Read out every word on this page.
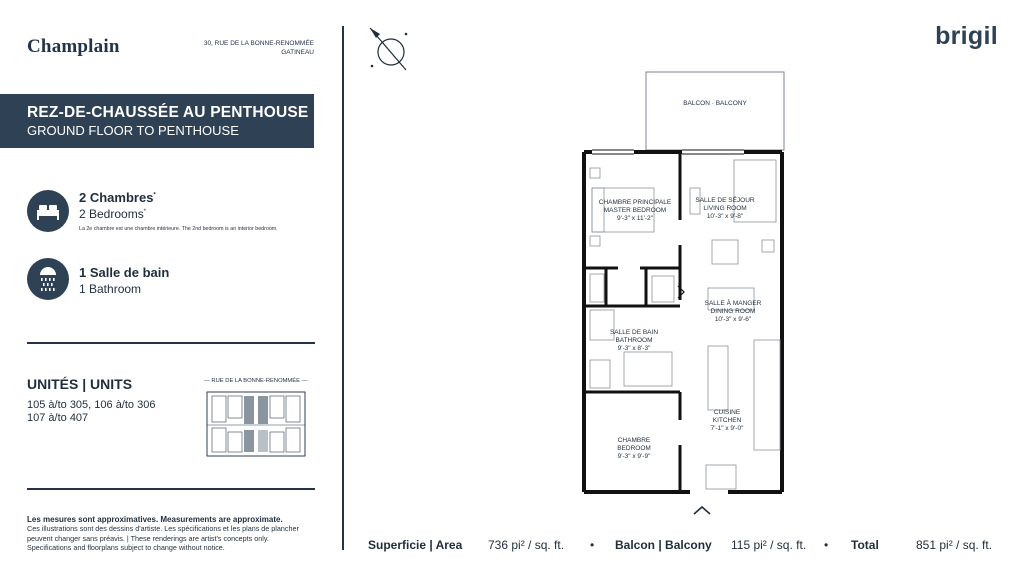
Champlain	30, RUE DE LA BONNE-RENOMMÉE
GATINEAU
REZ-DE-CHAUSSÉE AU PENTHOUSE
GROUND FLOOR TO PENTHOUSE
2 Chambres*
2 Bedrooms*
La 2e chambre est une chambre intérieure. The 2nd bedroom is an interior bedroom.
1 Salle de bain
1 Bathroom
UNITÉS | UNITS
105 à/to 305, 106 à/to 306
107 à/to 407
— RUE DE LA BONNE-RENOMMÉE —
Les mesures sont approximatives. Measurements are approximate.
Ces illustrations sont des dessins d'artiste. Les spécifications et les plans de plancher
peuvent changer sans préavis. | These renderings are artist's concepts only.
Specifications and floorplans subject to change without notice.
brigil
BALCON · BALCONY
CHAMBRE PRINCIPALE
MASTER BEDROOM
9'-3" x 11'-2"
SALLE DE SÉJOUR
LIVING ROOM
10'-3" x 9'-8"
SALLE À MANGER
DINING ROOM
10'-3" x 9'-6"
SALLE DE BAIN
BATHROOM
9'-3" x 8'-3"
CUISINE
KITCHEN
7'-1" x 9'-0"
CHAMBRE
BEDROOM
9'-3" x 9'-9"
Superficie | Area 736 pi² / sq. ft. • Balcon | Balcony 115 pi² / sq. ft. • Total	851 pi² / sq. ft.
